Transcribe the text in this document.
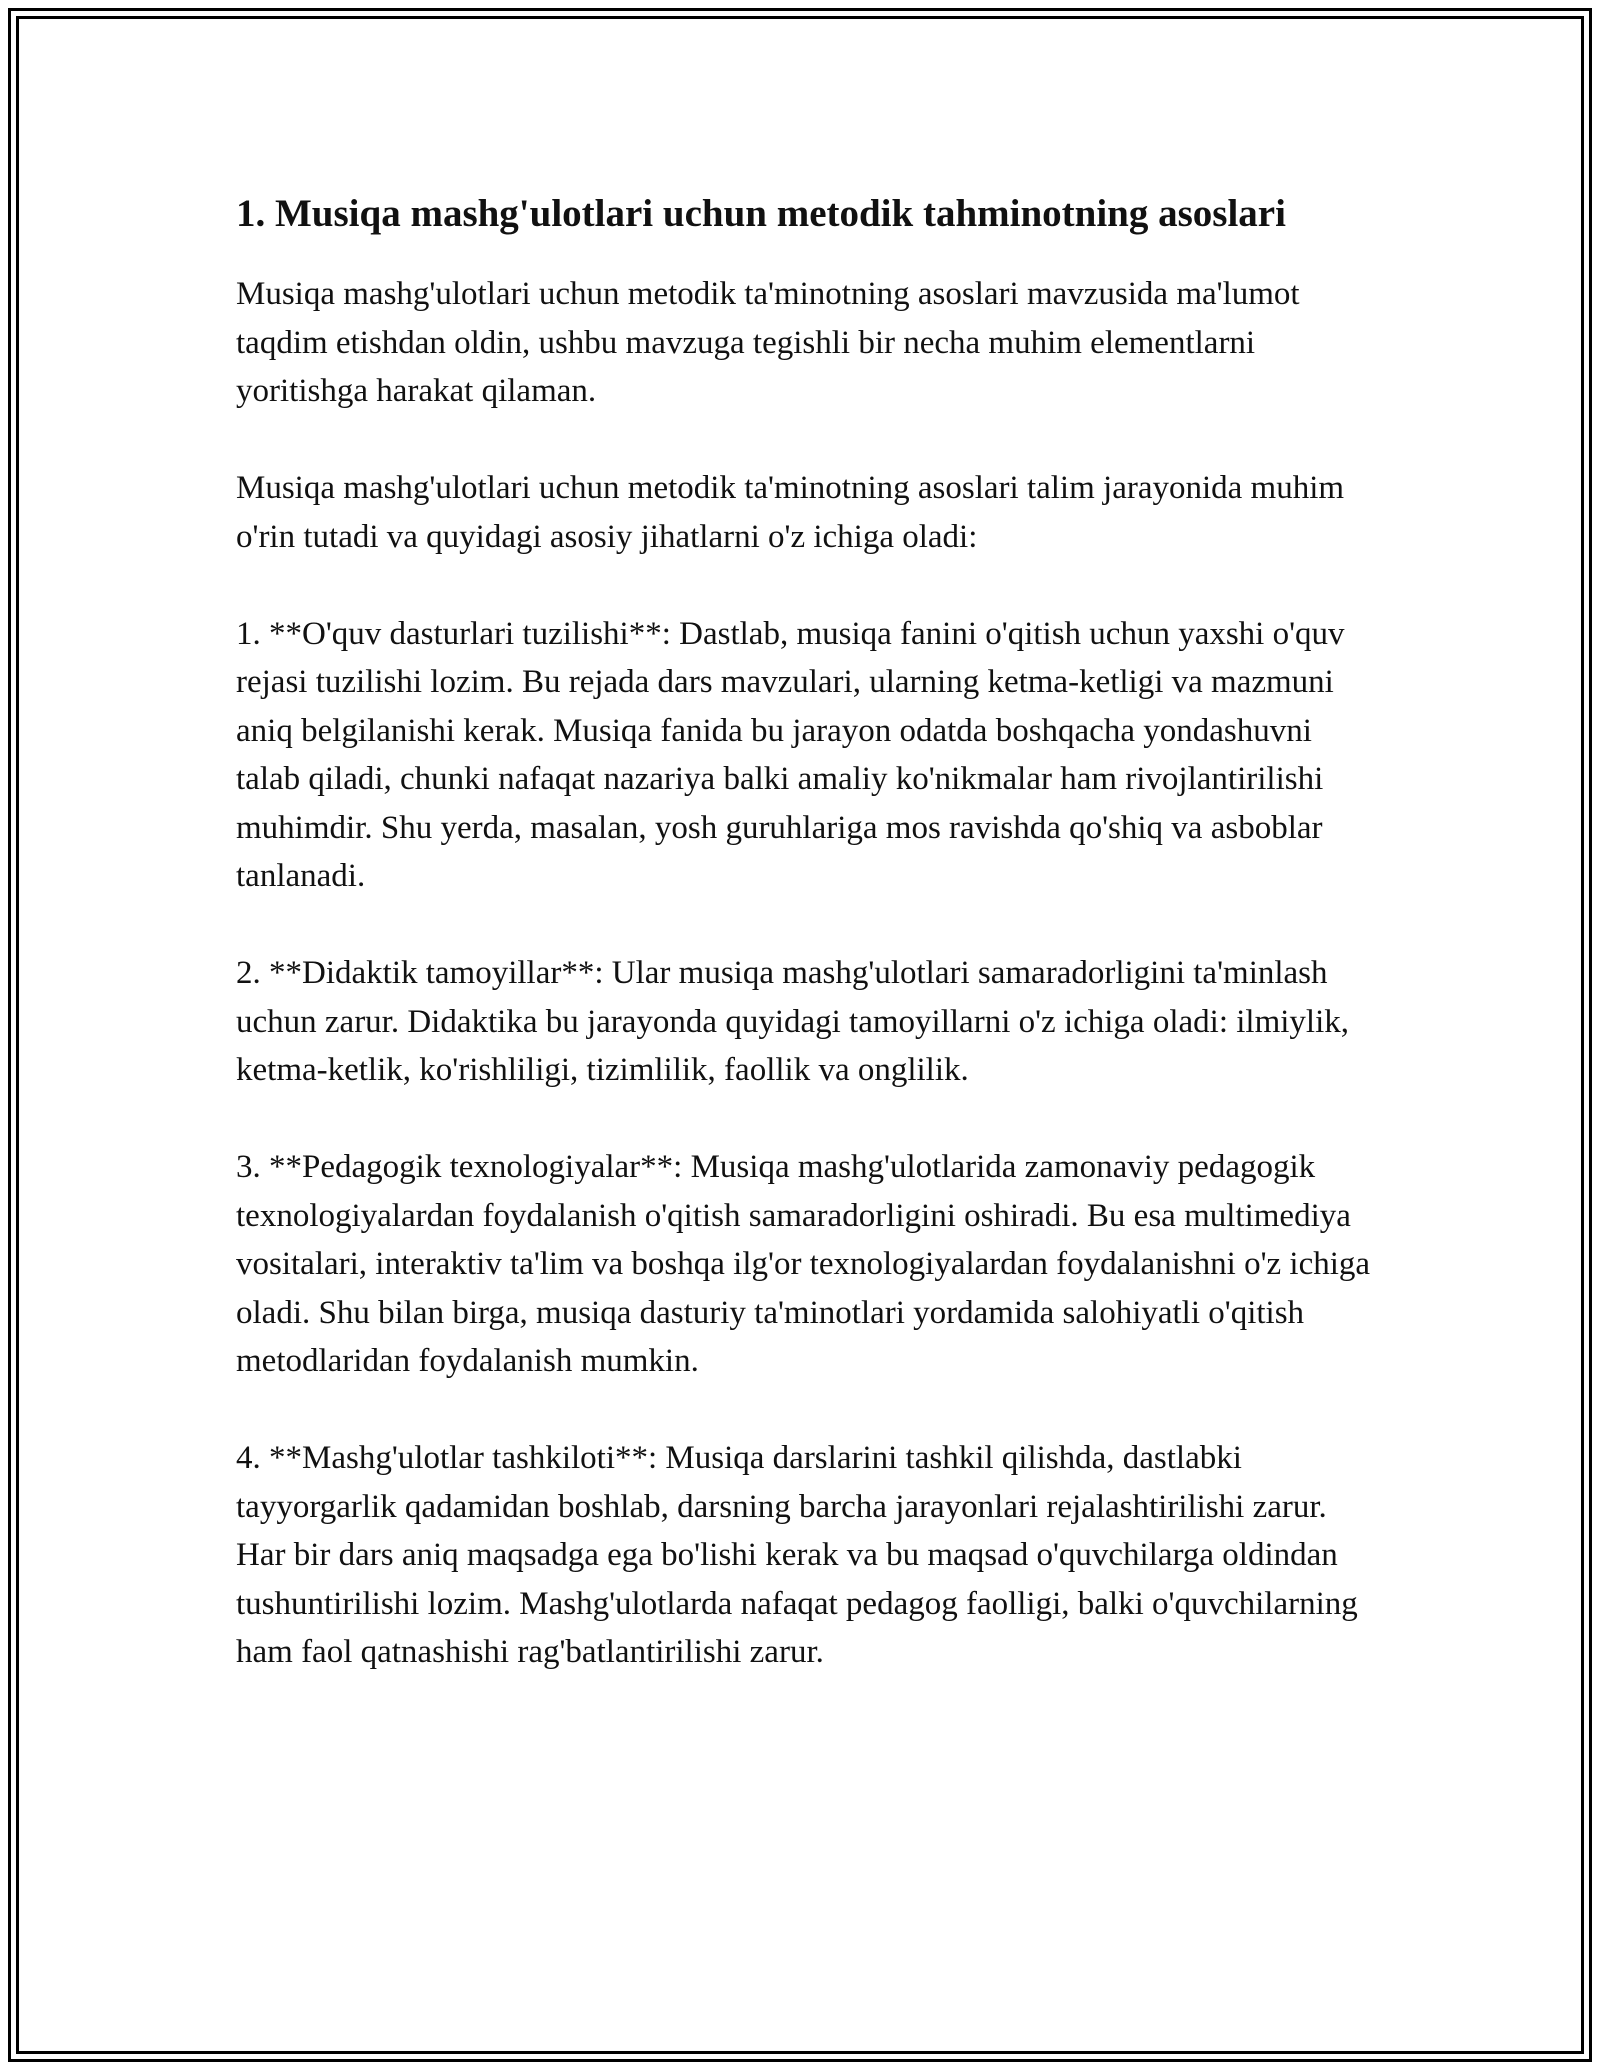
1. Musiqa mashg'ulotlari uchun metodik tahminotning asoslari

Musiqa mashg'ulotlari uchun metodik ta'minotning asoslari mavzusida ma'lumot taqdim etishdan oldin, ushbu mavzuga tegishli bir necha muhim elementlarni yoritishga harakat qilaman.

Musiqa mashg'ulotlari uchun metodik ta'minotning asoslari talim jarayonida muhim o'rin tutadi va quyidagi asosiy jihatlarni o'z ichiga oladi:

1. **O'quv dasturlari tuzilishi**: Dastlab, musiqa fanini o'qitish uchun yaxshi o'quv rejasi tuzilishi lozim. Bu rejada dars mavzulari, ularning ketma-ketligi va mazmuni aniq belgilanishi kerak. Musiqa fanida bu jarayon odatda boshqacha yondashuvni talab qiladi, chunki nafaqat nazariya balki amaliy ko'nikmalar ham rivojlantirilishi muhimdir. Shu yerda, masalan, yosh guruhlariga mos ravishda qo'shiq va asboblar tanlanadi.

2. **Didaktik tamoyillar**: Ular musiqa mashg'ulotlari samaradorligini ta'minlash uchun zarur. Didaktika bu jarayonda quyidagi tamoyillarni o'z ichiga oladi: ilmiylik, ketma-ketlik, ko'rishliligi, tizimlilik, faollik va onglilik.

3. **Pedagogik texnologiyalar**: Musiqa mashg'ulotlarida zamonaviy pedagogik texnologiyalardan foydalanish o'qitish samaradorligini oshiradi. Bu esa multimediya vositalari, interaktiv ta'lim va boshqa ilg'or texnologiyalardan foydalanishni o'z ichiga oladi. Shu bilan birga, musiqa dasturiy ta'minotlari yordamida salohiyatli o'qitish metodlaridan foydalanish mumkin.

4. **Mashg'ulotlar tashkiloti**: Musiqa darslarini tashkil qilishda, dastlabki tayyorgarlik qadamidan boshlab, darsning barcha jarayonlari rejalashtirilishi zarur. Har bir dars aniq maqsadga ega bo'lishi kerak va bu maqsad o'quvchilarga oldindan tushuntirilishi lozim. Mashg'ulotlarda nafaqat pedagog faolligi, balki o'quvchilarning ham faol qatnashishi rag'batlantirilishi zarur.
